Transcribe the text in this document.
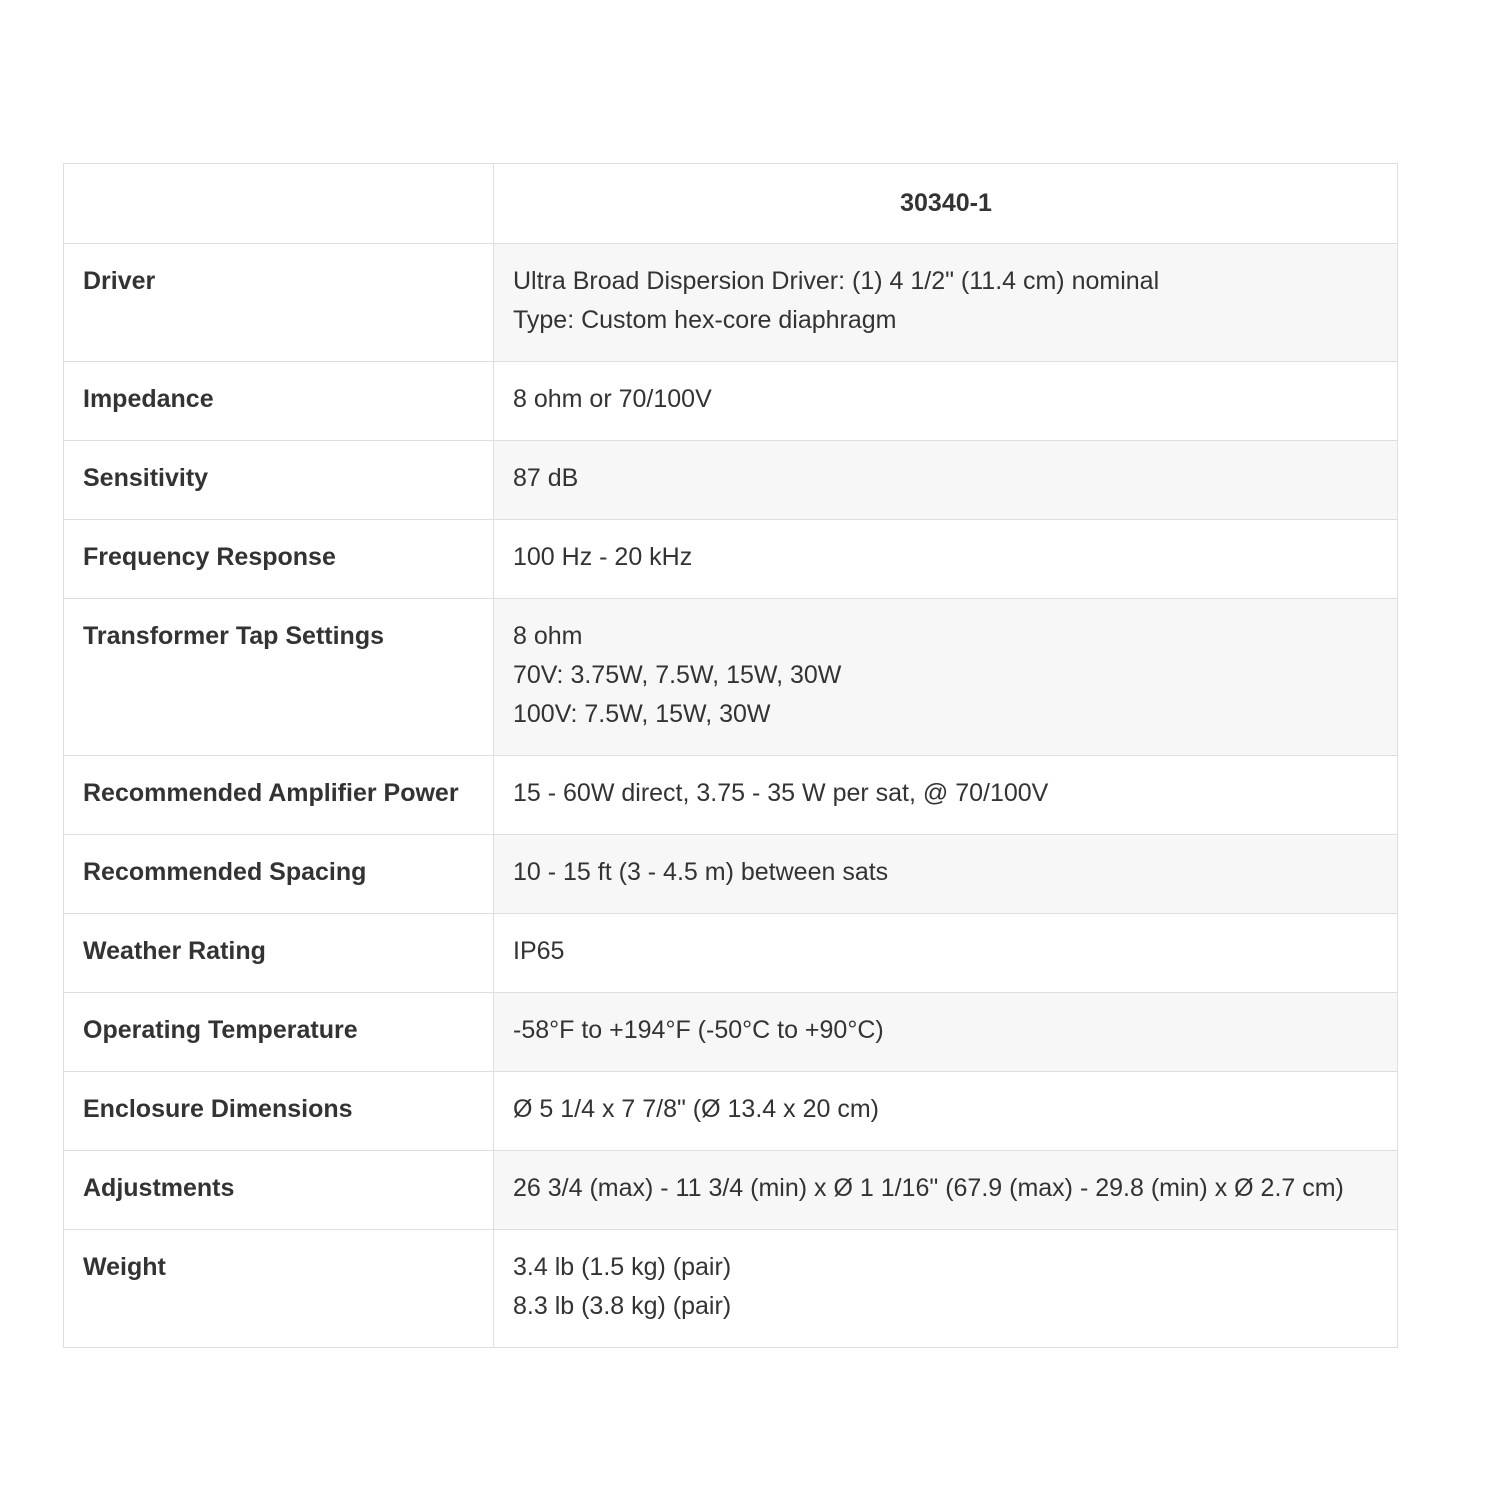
	30340-1
Driver	Ultra Broad Dispersion Driver: (1) 4 1/2" (11.4 cm) nominal
Type: Custom hex-core diaphragm

Impedance	8 ohm or 70/100V

Sensitivity	87 dB

Frequency Response	100 Hz - 20 kHz

Transformer Tap Settings	8 ohm
70V: 3.75W, 7.5W, 15W, 30W
100V: 7.5W, 15W, 30W

Recommended Amplifier Power	15 - 60W direct, 3.75 - 35 W per sat, @ 70/100V

Recommended Spacing	10 - 15 ft (3 - 4.5 m) between sats

Weather Rating	IP65

Operating Temperature	-58°F to +194°F (-50°C to +90°C)

Enclosure Dimensions	Ø 5 1/4 x 7 7/8" (Ø 13.4 x 20 cm)

Adjustments	26 3/4 (max) - 11 3/4 (min) x Ø 1 1/16" (67.9 (max) - 29.8 (min) x Ø 2.7 cm)

Weight	3.4 lb (1.5 kg) (pair)
8.3 lb (3.8 kg) (pair)
